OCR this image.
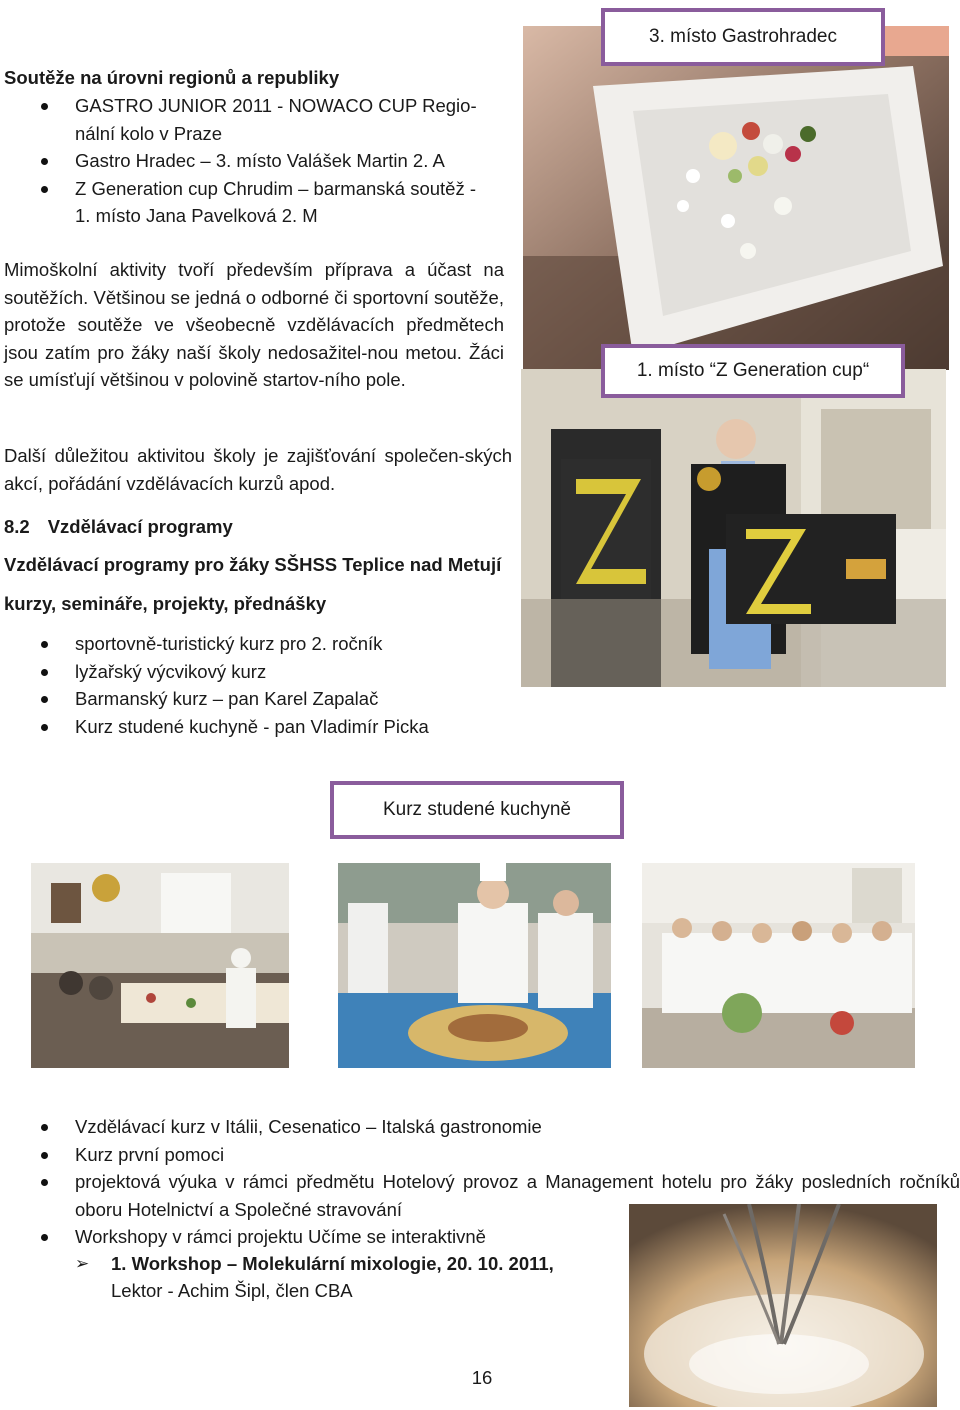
Soutěže na úrovni regionů a republiky
GASTRO JUNIOR 2011 - NOWACO CUP Regio-nální kolo v Praze
Gastro Hradec – 3. místo Valášek Martin 2. A
Z Generation cup Chrudim – barmanská soutěž - 1. místo Jana Pavelková 2. M
Mimoškolní aktivity tvoří především příprava a účast na soutěžích. Většinou se jedná o odborné či sportovní soutěže, protože soutěže ve všeobecně vzdělávacích předmětech jsou zatím pro žáky naší školy nedosažitel-nou metou. Žáci se umísťují většinou v polovině startov-ního pole.
Další důležitou aktivitou školy je zajišťování společen-ských akcí, pořádání vzdělávacích kurzů apod.
8.2 Vzdělávací programy
Vzdělávací programy pro žáky SŠHSS Teplice nad Metují
kurzy, semináře, projekty, přednášky
sportovně-turistický kurz pro 2. ročník
lyžařský výcvikový kurz
Barmanský kurz – pan Karel Zapalač
Kurz studené kuchyně - pan Vladimír Picka
3. místo Gastrohradec
1. místo “Z Generation cup“
Kurz studené kuchyně
Vzdělávací kurz v Itálii, Cesenatico – Italská gastronomie
Kurz první pomoci
projektová výuka v rámci předmětu Hotelový provoz a Management hotelu pro žáky posledních ročníků oboru Hotelnictví a Společné stravování
Workshopy v rámci projektu Učíme se interaktivně
➢ 1. Workshop – Molekulární mixologie, 20. 10. 2011,
Lektor - Achim Šipl, člen CBA
16
